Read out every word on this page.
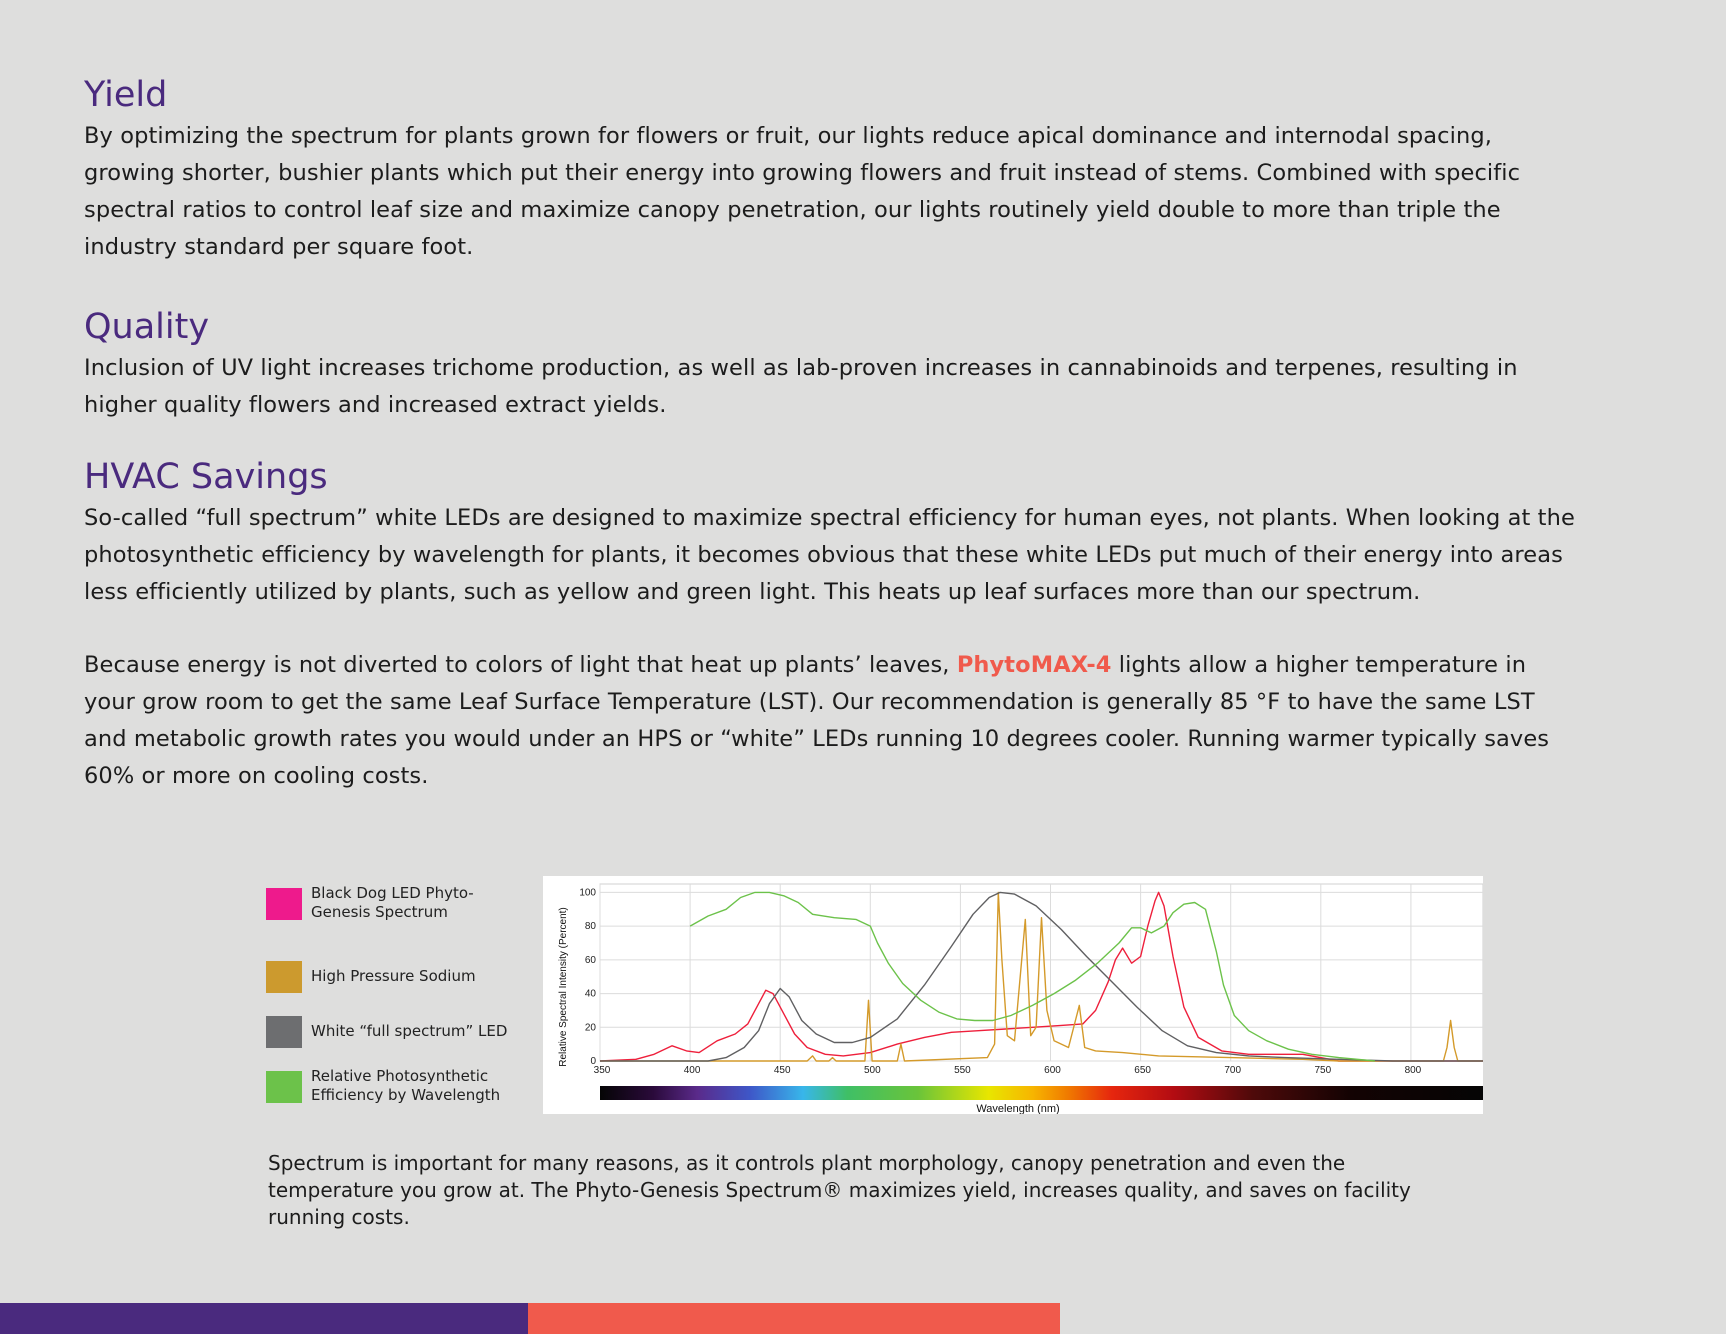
Yield

By optimizing the spectrum for plants grown for flowers or fruit, our lights reduce apical dominance and internodal spacing, growing shorter, bushier plants which put their energy into growing flowers and fruit instead of stems. Combined with specific spectral ratios to control leaf size and maximize canopy penetration, our lights routinely yield double to more than triple the industry standard per square foot.

Quality

Inclusion of UV light increases trichome production, as well as lab-proven increases in cannabinoids and terpenes, resulting in higher quality flowers and increased extract yields.

HVAC Savings

So-called “full spectrum” white LEDs are designed to maximize spectral efficiency for human eyes, not plants. When looking at the photosynthetic efficiency by wavelength for plants, it becomes obvious that these white LEDs put much of their energy into areas less efficiently utilized by plants, such as yellow and green light. This heats up leaf surfaces more than our spectrum.

Because energy is not diverted to colors of light that heat up plants’ leaves, PhytoMAX-4 lights allow a higher temperature in your grow room to get the same Leaf Surface Temperature (LST). Our recommendation is generally 85 °F to have the same LST and metabolic growth rates you would under an HPS or “white” LEDs running 10 degrees cooler. Running warmer typically saves 60% or more on cooling costs.

Black Dog LED Phyto-Genesis Spectrum
High Pressure Sodium
White “full spectrum” LED
Relative Photosynthetic Efficiency by Wavelength
350	400	450	500	550	600	650	700	750	800
0
20
40
60
80
100
Wavelength (nm)
Relative Spectral Intensity (Percent)

Spectrum is important for many reasons, as it controls plant morphology, canopy penetration and even the temperature you grow at. The Phyto-Genesis Spectrum® maximizes yield, increases quality, and saves on facility running costs.
